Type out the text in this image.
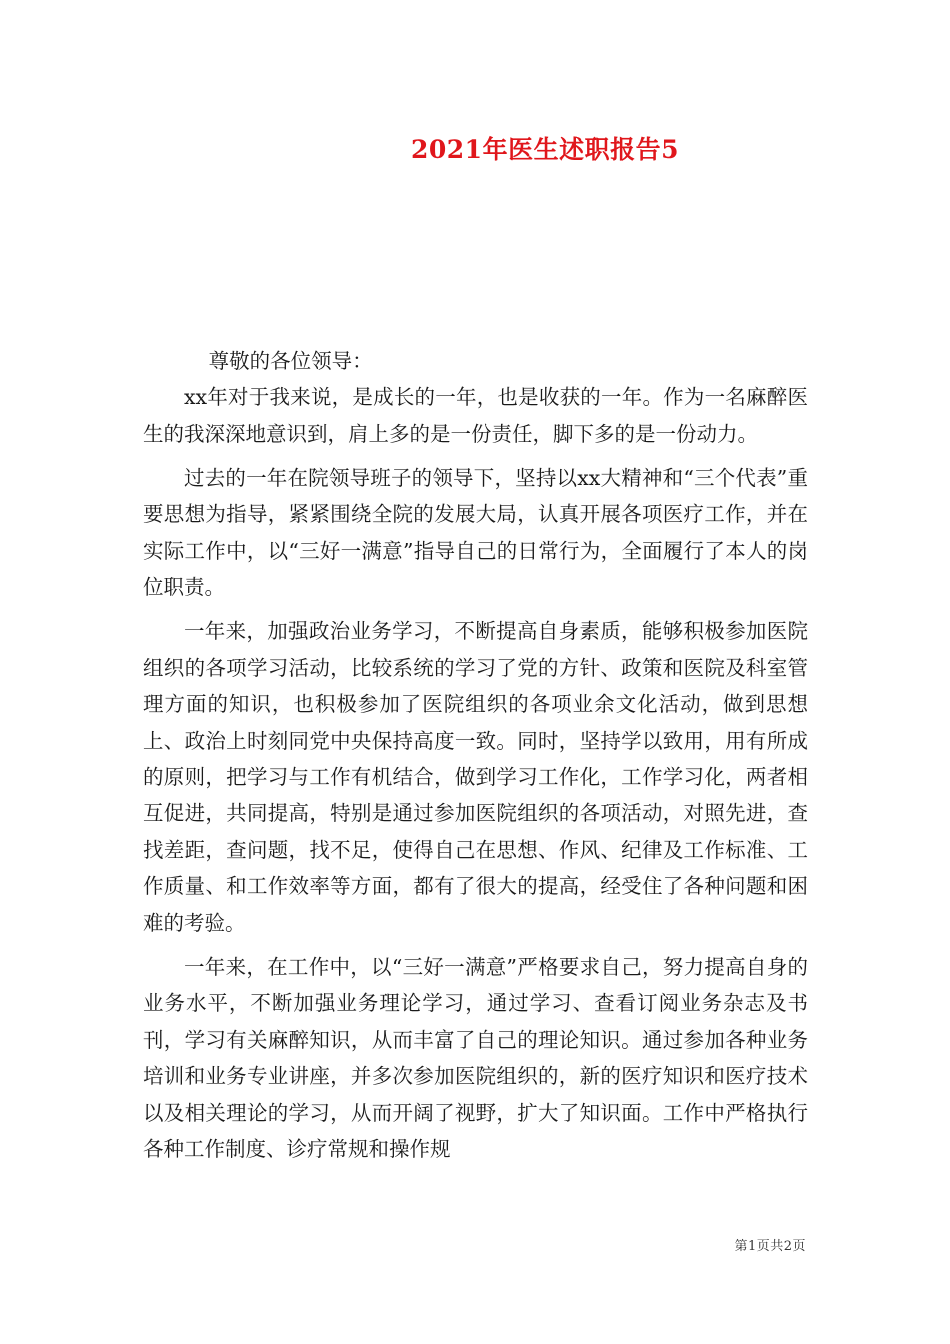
2021年医生述职报告5

尊敬的各位领导：

xx年对于我来说，是成长的一年，也是收获的一年。作为一名麻醉医生的我深深地意识到，肩上多的是一份责任，脚下多的是一份动力。

过去的一年在院领导班子的领导下，坚持以xx大精神和“三个代表”重要思想为指导，紧紧围绕全院的发展大局，认真开展各项医疗工作，并在实际工作中，以“三好一满意”指导自己的日常行为，全面履行了本人的岗位职责。

一年来，加强政治业务学习，不断提高自身素质，能够积极参加医院组织的各项学习活动，比较系统的学习了党的方针、政策和医院及科室管理方面的知识，也积极参加了医院组织的各项业余文化活动，做到思想上、政治上时刻同党中央保持高度一致。同时，坚持学以致用，用有所成的原则，把学习与工作有机结合，做到学习工作化，工作学习化，两者相互促进，共同提高，特别是通过参加医院组织的各项活动，对照先进，查找差距，查问题，找不足，使得自己在思想、作风、纪律及工作标准、工作质量、和工作效率等方面，都有了很大的提高，经受住了各种问题和困难的考验。

一年来，在工作中，以“三好一满意”严格要求自己，努力提高自身的业务水平，不断加强业务理论学习，通过学习、查看订阅业务杂志及书刊，学习有关麻醉知识，从而丰富了自己的理论知识。通过参加各种业务培训和业务专业讲座，并多次参加医院组织的，新的医疗知识和医疗技术以及相关理论的学习，从而开阔了视野，扩大了知识面。工作中严格执行各种工作制度、诊疗常规和操作规

第1页共2页
